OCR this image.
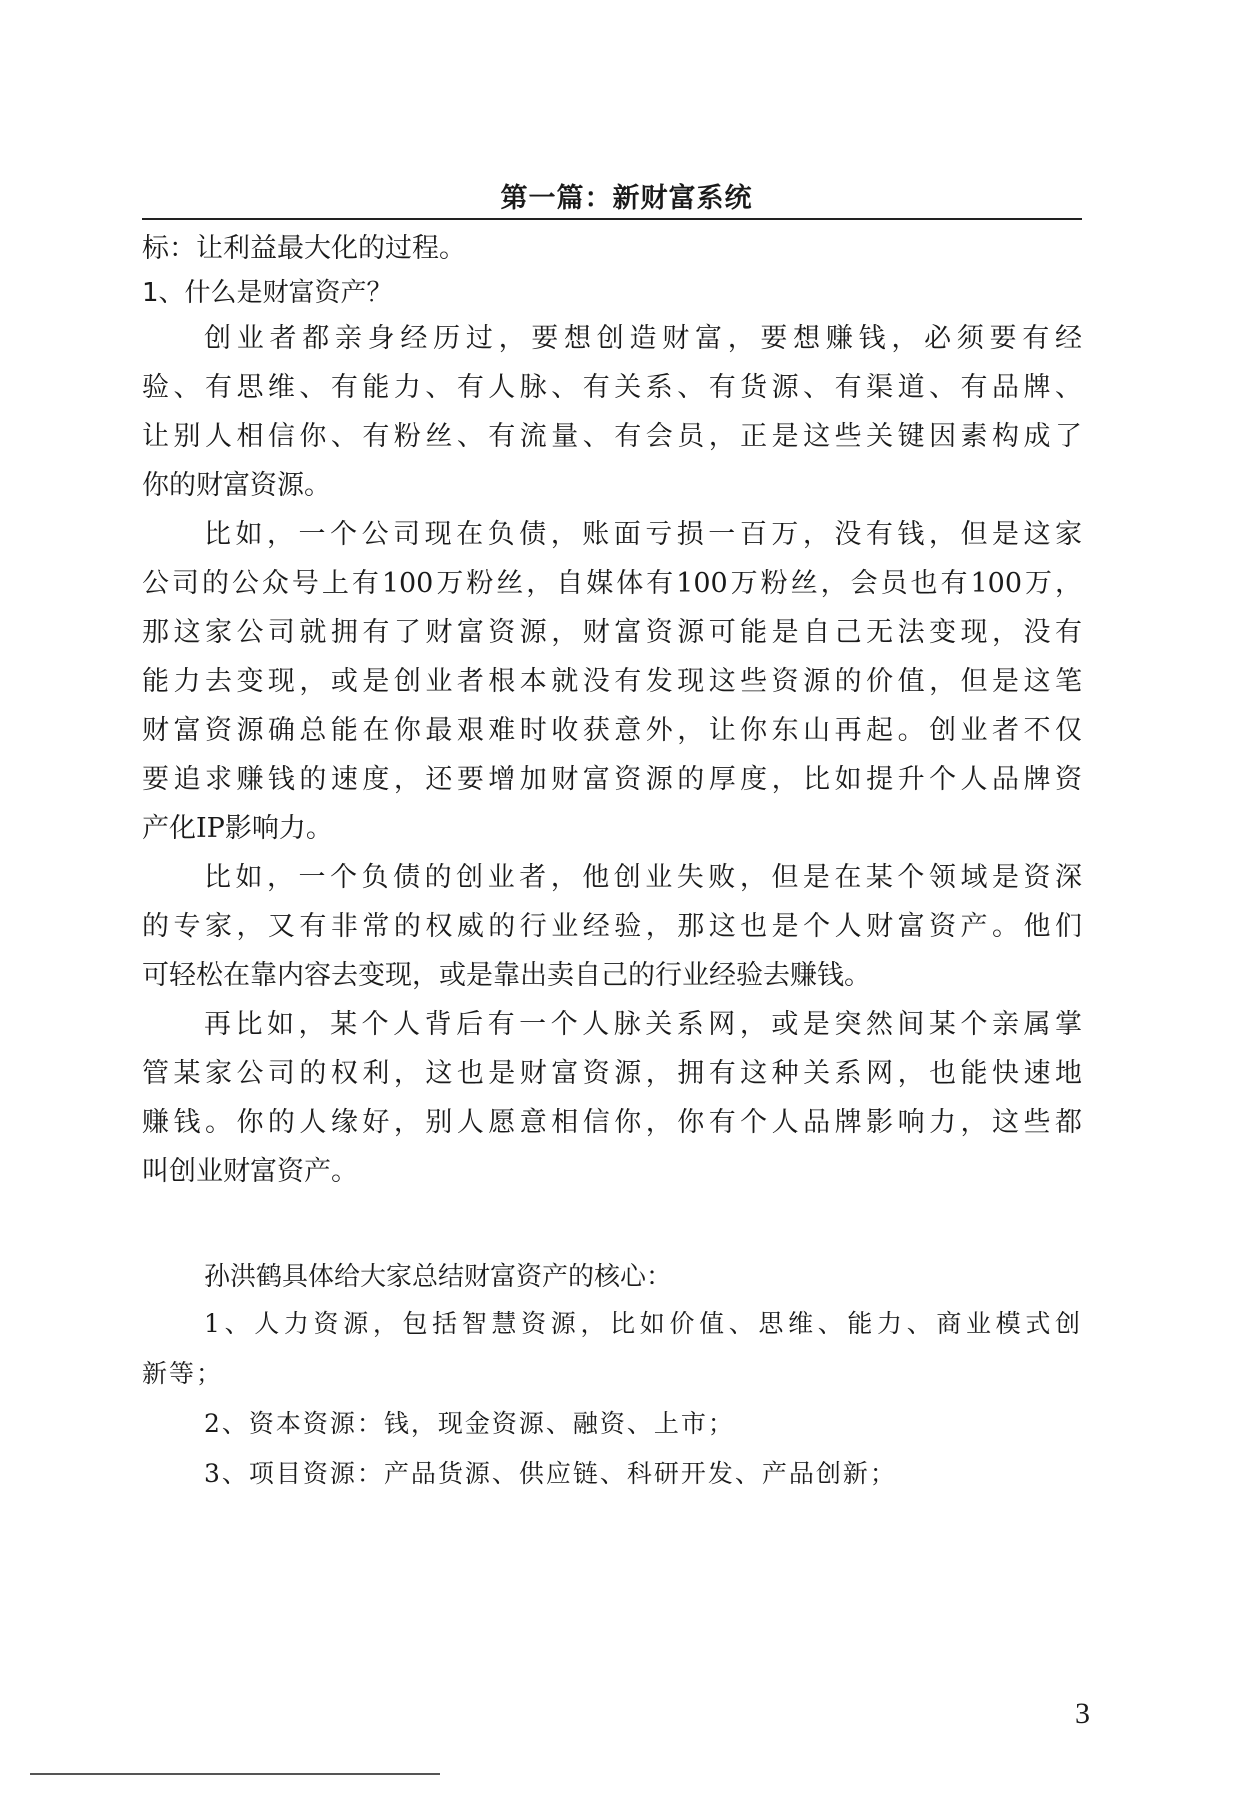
第一篇：新财富系统
标：让利益最大化的过程。
1、什么是财富资产？
创业者都亲身经历过，要想创造财富，要想赚钱，必须要有经
验、有思维、有能力、有人脉、有关系、有货源、有渠道、有品牌、
让别人相信你、有粉丝、有流量、有会员，正是这些关键因素构成了
你的财富资源。
比如，一个公司现在负债，账面亏损一百万，没有钱，但是这家
公司的公众号上有100万粉丝，自媒体有100万粉丝，会员也有100万，
那这家公司就拥有了财富资源，财富资源可能是自己无法变现，没有
能力去变现，或是创业者根本就没有发现这些资源的价值，但是这笔
财富资源确总能在你最艰难时收获意外，让你东山再起。创业者不仅
要追求赚钱的速度，还要增加财富资源的厚度，比如提升个人品牌资
产化IP影响力。
比如，一个负债的创业者，他创业失败，但是在某个领域是资深
的专家，又有非常的权威的行业经验，那这也是个人财富资产。他们
可轻松在靠内容去变现，或是靠出卖自己的行业经验去赚钱。
再比如，某个人背后有一个人脉关系网，或是突然间某个亲属掌
管某家公司的权利，这也是财富资源，拥有这种关系网，也能快速地
赚钱。你的人缘好，别人愿意相信你，你有个人品牌影响力，这些都
叫创业财富资产。
孙洪鹤具体给大家总结财富资产的核心：
1、人力资源，包括智慧资源，比如价值、思维、能力、商业模式创
新等；
2、资本资源：钱，现金资源、融资、上市；
3、项目资源：产品货源、供应链、科研开发、产品创新；
3
